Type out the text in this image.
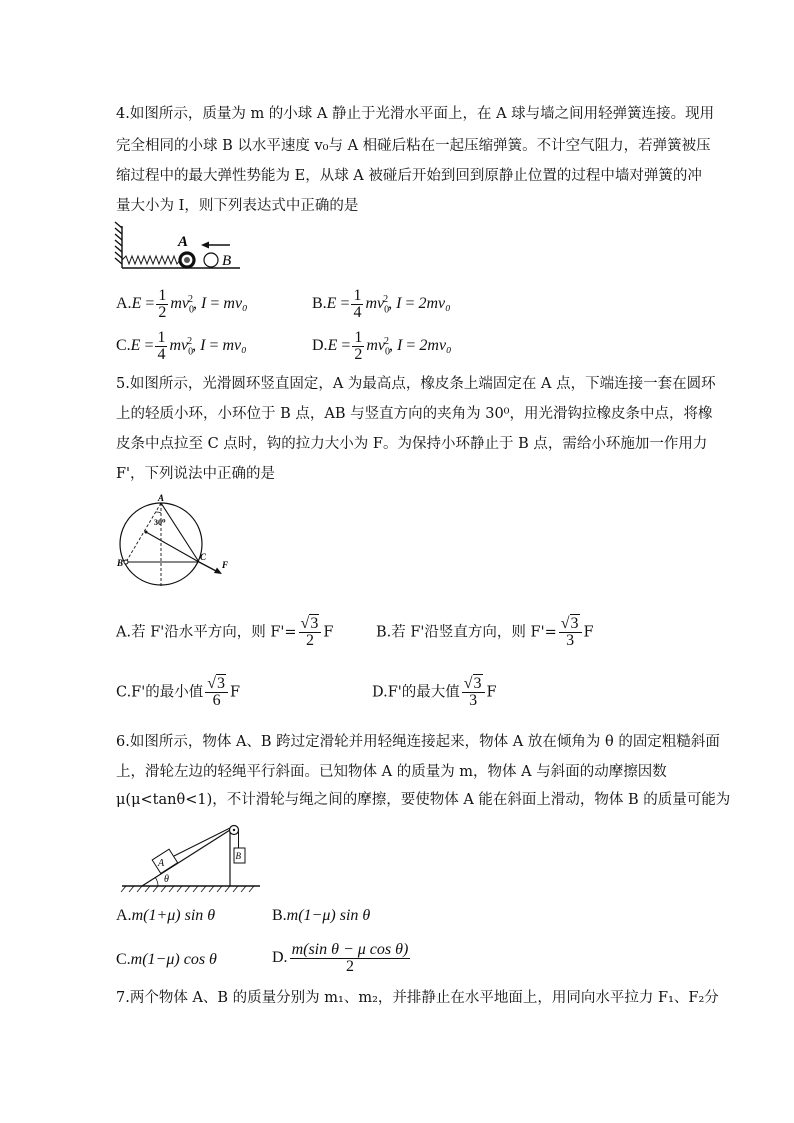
4.如图所示，质量为 m 的小球 A 静止于光滑水平面上，在 A 球与墙之间用轻弹簧连接。现用
完全相同的小球 B 以水平速度 v₀与 A 相碰后粘在一起压缩弹簧。不计空气阻力，若弹簧被压
缩过程中的最大弹性势能为 E，从球 A 被碰后开始到回到原静止位置的过程中墙对弹簧的冲
量大小为 I，则下列表达式中正确的是
A
B
$A.E = \frac{1}{2} mv_0^2$, I = mv₀	$B.E = \frac{1}{4} mv_0^2$, I = 2mv₀
$C.E = \frac{1}{4} mv_0^2$, I = mv₀	$D.E = \frac{1}{2} mv_0^2$, I = 2mv₀
5.如图所示，光滑圆环竖直固定，A 为最高点，橡皮条上端固定在 A 点，下端连接一套在圆环
上的轻质小环，小环位于 B 点，AB 与竖直方向的夹角为 30⁰，用光滑钩拉橡皮条中点，将橡
皮条中点拉至 C 点时，钩的拉力大小为 F。为保持小环静止于 B 点，需给小环施加一作用力
F'，下列说法中正确的是
A
30⁰
B
C
F
A.若 F'沿水平方向，则 $F'= \frac{√3}{2}$ F	B.若 F'沿竖直方向，则 $F'= \frac{√3}{3}$ F
C.F'的最小值 $\frac{√3}{6}$ F	D.F'的最大值 $\frac{√3}{3}$ F
6.如图所示，物体 A、B 跨过定滑轮并用轻绳连接起来，物体 A 放在倾角为 θ 的固定粗糙斜面
上，滑轮左边的轻绳平行斜面。已知物体 A 的质量为 m，物体 A 与斜面的动摩擦因数
μ(μ<tanθ<1)，不计滑轮与绳之间的摩擦，要使物体 A 能在斜面上滑动，物体 B 的质量可能为
θ
A
B
A.m(1+μ) sin θ	B.m(1−μ) sin θ
C.m(1−μ) cos θ	D. $\frac{\text{m(sin θ − μ cos θ)}}{2}$
7.两个物体 A、B 的质量分别为 m₁、m₂，并排静止在水平地面上，用同向水平拉力 F₁、F₂分
